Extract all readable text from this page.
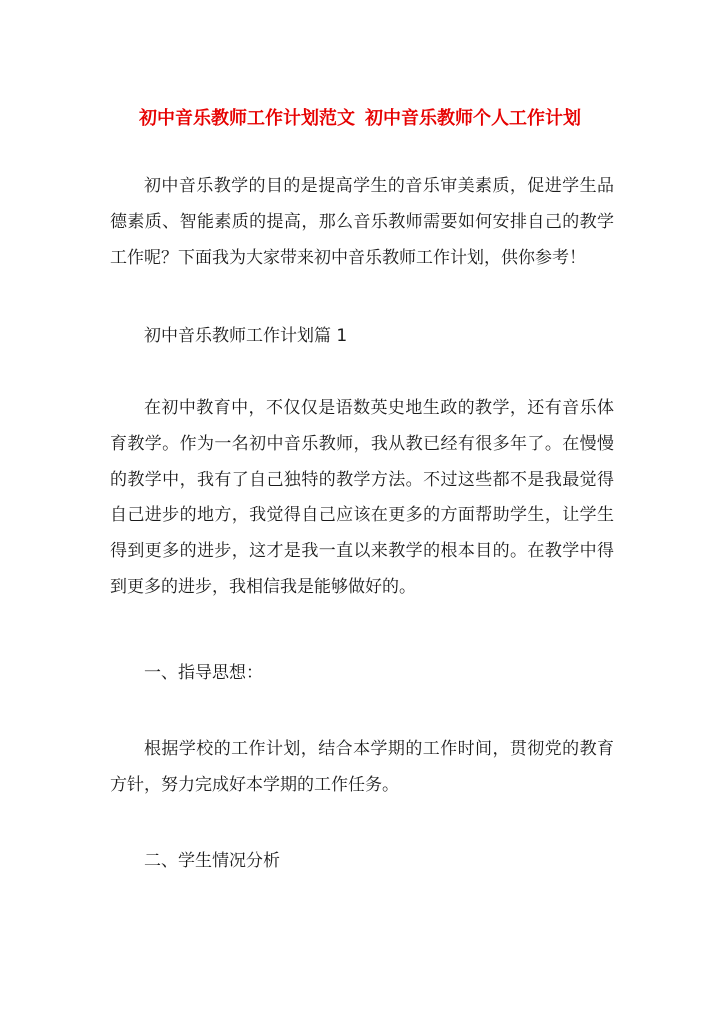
初中音乐教师工作计划范文 初中音乐教师个人工作计划

初中音乐教学的目的是提高学生的音乐审美素质，促进学生品德素质、智能素质的提高，那么音乐教师需要如何安排自己的教学工作呢？下面我为大家带来初中音乐教师工作计划，供你参考！

初中音乐教师工作计划篇 1

在初中教育中，不仅仅是语数英史地生政的教学，还有音乐体育教学。作为一名初中音乐教师，我从教已经有很多年了。在慢慢的教学中，我有了自己独特的教学方法。不过这些都不是我最觉得自己进步的地方，我觉得自己应该在更多的方面帮助学生，让学生得到更多的进步，这才是我一直以来教学的根本目的。在教学中得到更多的进步，我相信我是能够做好的。

一、指导思想：

根据学校的工作计划，结合本学期的工作时间，贯彻党的教育方针，努力完成好本学期的工作任务。

二、学生情况分析
